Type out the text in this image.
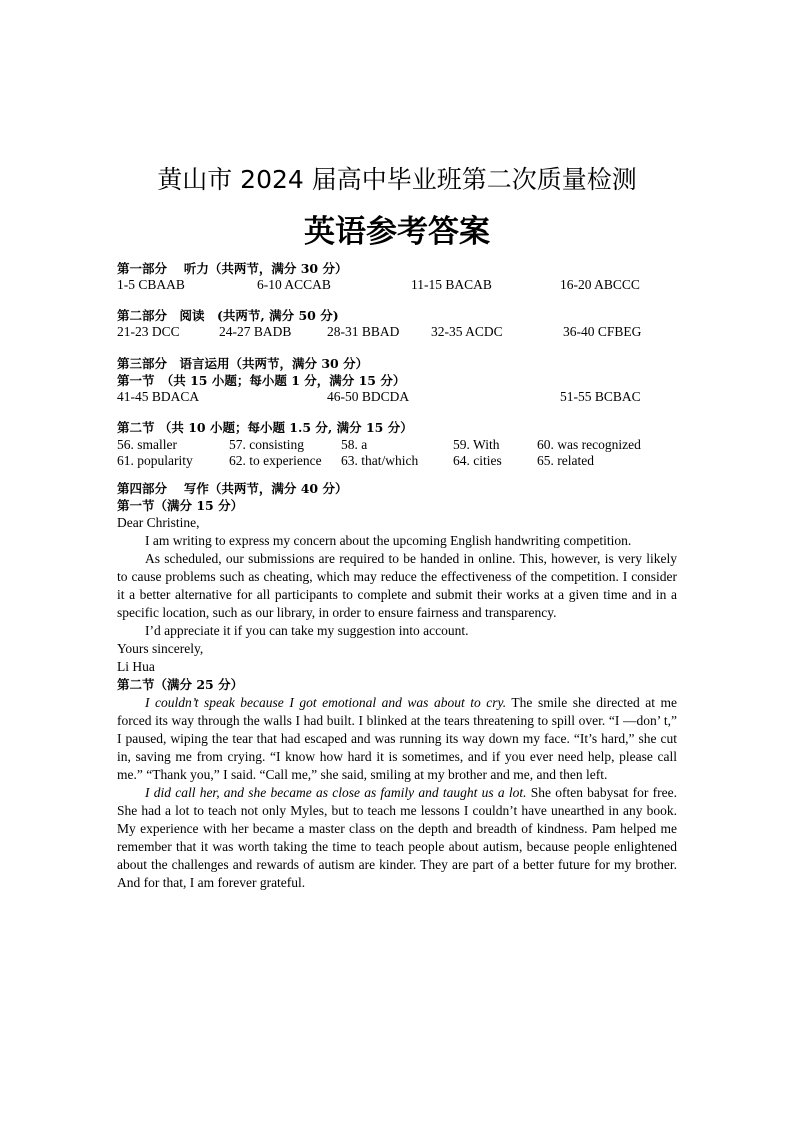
黄山市 2024 届高中毕业班第二次质量检测
英语参考答案
第一部分　 听力（共两节，满分 30 分）
1-5 CBAAB	6-10 ACCAB	11-15 BACAB	16-20 ABCCC
第二部分　阅读　(共两节, 满分 50 分)
21-23 DCC	24-27 BADB	28-31 BBAD 32-35 ACDC	36-40 CFBEG
第三部分　语言运用（共两节，满分 30 分）
第一节　（共 15 小题；每小题 1 分，满分 15 分）
41-45 BDACA	46-50 BDCDA	51-55 BCBAC
第二节 （共 10 小题；每小题 1.5 分, 满分 15 分）
56. smaller	57. consisting	58. a	59. With	60. was recognized
61. popularity	62. to experience 63. that/which	64. cities	65. related
第四部分　 写作（共两节，满分 40 分）
第一节（满分 15 分）
Dear Christine,

I am writing to express my concern about the upcoming English handwriting competition.

As scheduled, our submissions are required to be handed in online. This, however, is very likely to cause problems such as cheating, which may reduce the effectiveness of the competition. I consider it a better alternative for all participants to complete and submit their works at a given time and in a specific location, such as our library, in order to ensure fairness and transparency.

I’d appreciate it if you can take my suggestion into account.

Yours sincerely,
Li Hua
第二节（满分 25 分）

I couldn’t speak because I got emotional and was about to cry. The smile she directed at me forced its way through the walls I had built. I blinked at the tears threatening to spill over. “I —don’ t,” I paused, wiping the tear that had escaped and was running its way down my face. “It’s hard,” she cut in, saving me from crying. “I know how hard it is sometimes, and if you ever need help, please call me.” “Thank you,” I said. “Call me,” she said, smiling at my brother and me, and then left.

I did call her, and she became as close as family and taught us a lot. She often babysat for free. She had a lot to teach not only Myles, but to teach me lessons I couldn’t have unearthed in any book. My experience with her became a master class on the depth and breadth of kindness. Pam helped me remember that it was worth taking the time to teach people about autism, because people enlightened about the challenges and rewards of autism are kinder. They are part of a better future for my brother. And for that, I am forever grateful.
